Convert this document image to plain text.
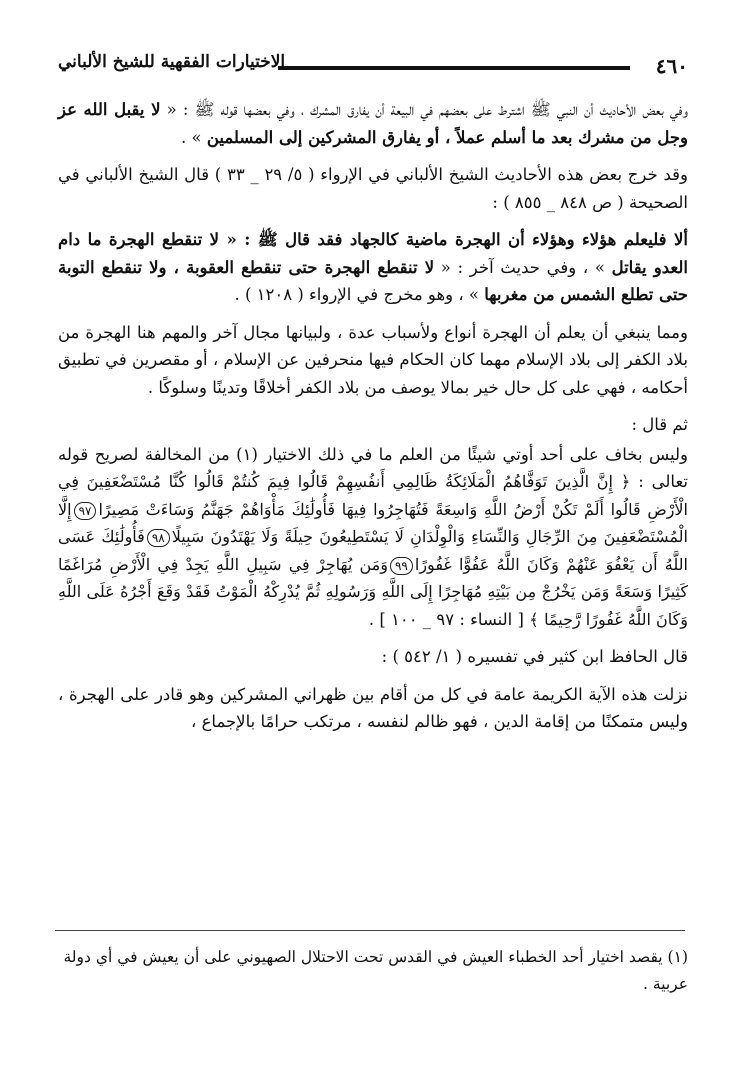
٤٦٠
الاختيارات الفقهية للشيخ الألباني

وفي بعض الأحاديث أن النبي ﷺ اشترط على بعضهم في البيعة أن يفارق المشرك ، وفي بعضها قوله ﷺ : « لا يقبل الله عز وجل من مشرك بعد ما أسلم عملاً ، أو يفارق المشركين إلى المسلمين » .

وقد خرج بعض هذه الأحاديث الشيخ الألباني في الإرواء ( ٥/ ٢٩ _ ٣٣ ) قال الشيخ الألباني في الصحيحة ( ص ٨٤٨ _ ٨٥٥ ) :

ألا فليعلم هؤلاء وهؤلاء أن الهجرة ماضية كالجهاد فقد قال ﷺ : « لا تنقطع الهجرة ما دام العدو يقاتل » ، وفي حديث آخر : « لا تنقطع الهجرة حتى تنقطع العقوبة ، ولا تنقطع التوبة حتى تطلع الشمس من مغربها » ، وهو مخرج في الإرواء ( ١٢٠٨ ) .

ومما ينبغي أن يعلم أن الهجرة أنواع ولأسباب عدة ، ولبيانها مجال آخر والمهم هنا الهجرة من بلاد الكفر إلى بلاد الإسلام مهما كان الحكام فيها منحرفين عن الإسلام ، أو مقصرين في تطبيق أحكامه ، فهي على كل حال خير بمالا يوصف من بلاد الكفر أخلاقًا وتدينًا وسلوكًا .

ثم قال :

وليس بخاف على أحد أوتي شيئًا من العلم ما في ذلك الاختيار (١) من المخالفة لصريح قوله تعالى : ﴿ إِنَّ الَّذِينَ تَوَفَّاهُمُ الْمَلَائِكَةُ ظَالِمِي أَنفُسِهِمْ قَالُوا فِيمَ كُنتُمْ قَالُوا كُنَّا مُسْتَضْعَفِينَ فِي الْأَرْضِ قَالُوا أَلَمْ تَكُنْ أَرْضُ اللَّهِ وَاسِعَةً فَتُهَاجِرُوا فِيهَا فَأُولَٰئِكَ مَأْوَاهُمْ جَهَنَّمُ وَسَاءَتْ مَصِيرًا٩٧إِلَّا الْمُسْتَضْعَفِينَ مِنَ الرِّجَالِ وَالنِّسَاءِ وَالْوِلْدَانِ لَا يَسْتَطِيعُونَ حِيلَةً وَلَا يَهْتَدُونَ سَبِيلًا٩٨فَأُولَٰئِكَ عَسَى اللَّهُ أَن يَعْفُوَ عَنْهُمْ وَكَانَ اللَّهُ عَفُوًّا غَفُورًا٩٩وَمَن يُهَاجِرْ فِي سَبِيلِ اللَّهِ يَجِدْ فِي الْأَرْضِ مُرَاغَمًا كَثِيرًا وَسَعَةً وَمَن يَخْرُجْ مِن بَيْتِهِ مُهَاجِرًا إِلَى اللَّهِ وَرَسُولِهِ ثُمَّ يُدْرِكْهُ الْمَوْتُ فَقَدْ وَقَعَ أَجْرُهُ عَلَى اللَّهِ وَكَانَ اللَّهُ غَفُورًا رَّحِيمًا ﴾ [ النساء : ٩٧ _ ١٠٠ ] .

قال الحافظ ابن كثير في تفسيره ( ١/ ٥٤٢ ) :

نزلت هذه الآية الكريمة عامة في كل من أقام بين ظهراني المشركين وهو قادر على الهجرة ، وليس متمكنًا من إقامة الدين ، فهو ظالم لنفسه ، مرتكب حرامًا بالإجماع ،

(١) يقصد اختيار أحد الخطباء العيش في القدس تحت الاحتلال الصهيوني على أن يعيش في أي دولة عربية .
